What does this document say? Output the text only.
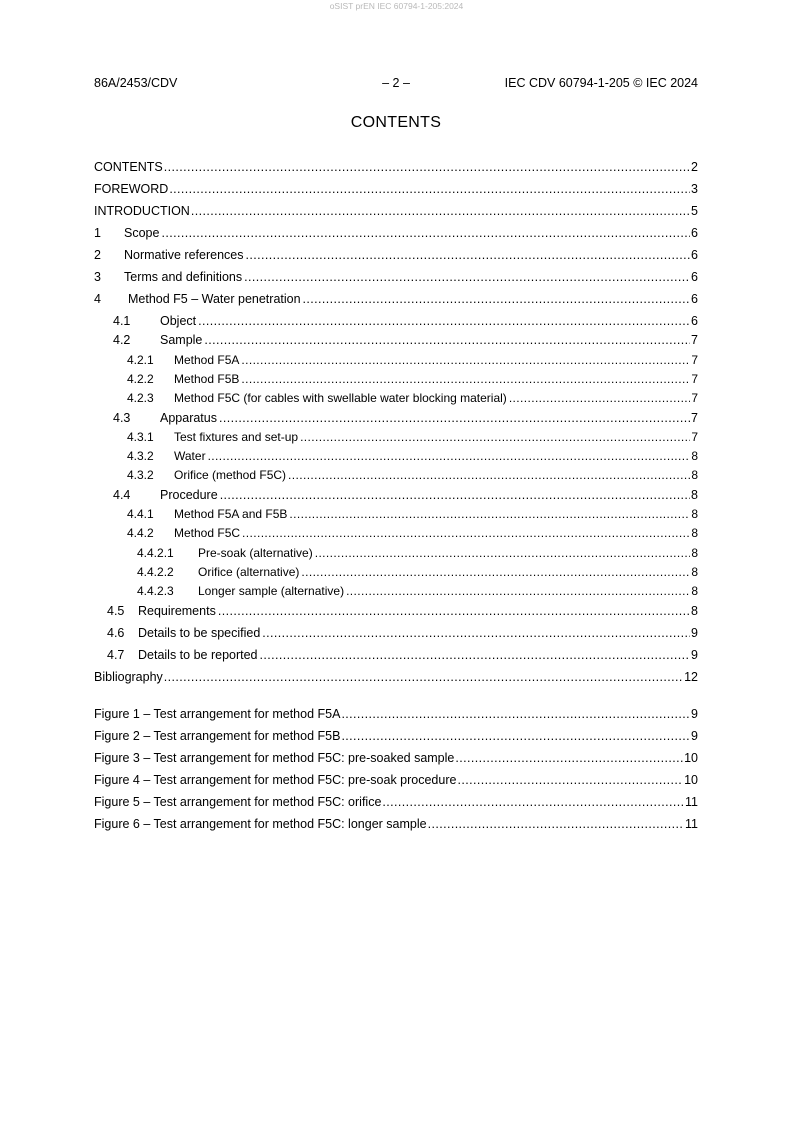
oSIST prEN IEC 60794-1-205:2024
86A/2453/CDV	– 2 –	IEC CDV 60794-1-205 © IEC 2024
CONTENTS
CONTENTS .....	2
FOREWORD .....	3
INTRODUCTION .....	5
1 Scope .....	6
2 Normative references .....	6
3 Terms and definitions .....	6
4 Method F5 – Water penetration .....	6
4.1 Object .....	6
4.2 Sample .....	7
4.2.1 Method F5A .....	7
4.2.2 Method F5B .....	7
4.2.3 Method F5C (for cables with swellable water blocking material) .....	7
4.3 Apparatus .....	7
4.3.1 Test fixtures and set-up .....	7
4.3.2 Water .....	8
4.3.2 Orifice (method F5C) .....	8
4.4 Procedure .....	8
4.4.1 Method F5A and F5B .....	8
4.4.2 Method F5C .....	8
4.4.2.1 Pre-soak (alternative) .....	8
4.4.2.2 Orifice (alternative) .....	8
4.4.2.3 Longer sample (alternative) .....	8
4.5 Requirements .....	8
4.6 Details to be specified .....	9
4.7 Details to be reported .....	9
Bibliography .....	12
Figure 1 – Test arrangement for method F5A .....	9
Figure 2 – Test arrangement for method F5B .....	9
Figure 3 – Test arrangement for method F5C: pre-soaked sample .....	10
Figure 4 – Test arrangement for method F5C: pre-soak procedure .....	10
Figure 5 – Test arrangement for method F5C: orifice .....	11
Figure 6 – Test arrangement for method F5C: longer sample .....	11
